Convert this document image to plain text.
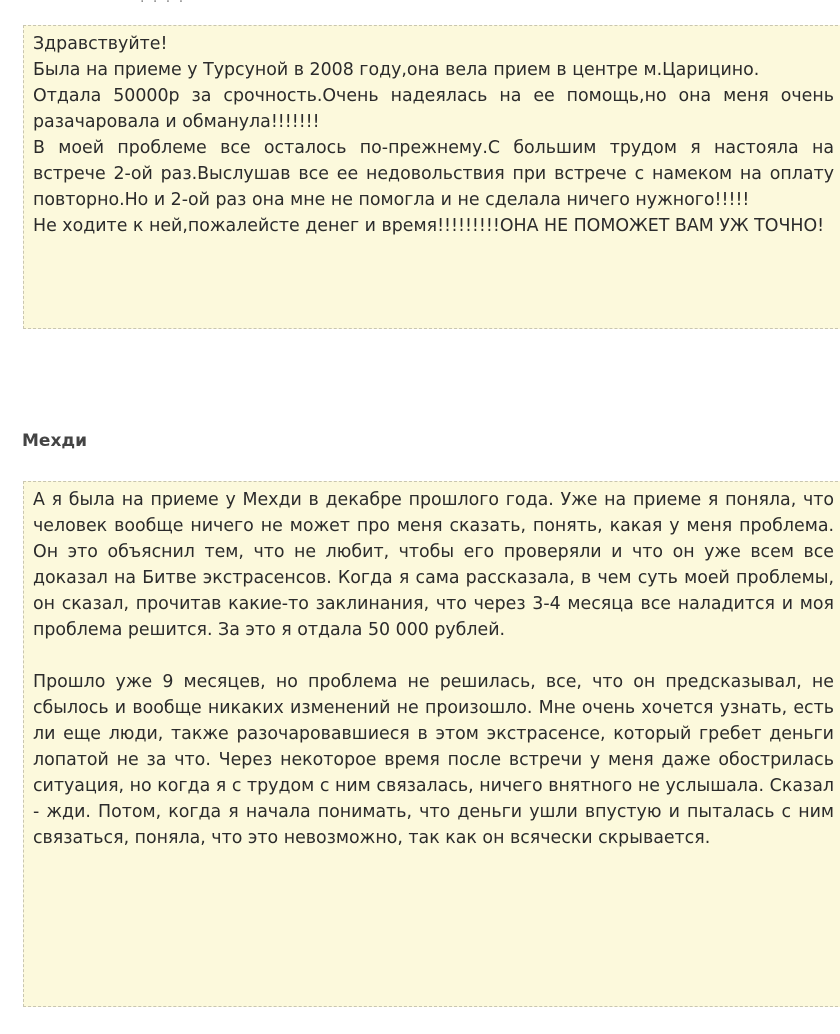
· · · ·

Здравствуйте!

Была на приеме у Турсуной в 2008 году,она вела прием в центре м.Царицино.

Отдала 50000р за срочность.Очень надеялась на ее помощь,но она меня очень разачаровала и обманула!!!!!!!

В моей проблеме все осталось по-прежнему.С большим трудом я настояла на встрече 2-ой раз.Выслушав все ее недовольствия при встрече с намеком на оплату повторно.Но и 2-ой раз она мне не помогла и не сделала ничего нужного!!!!!

Не ходите к ней,пожалейсте денег и время!!!!!!!!!ОНА НЕ ПОМОЖЕТ ВАМ УЖ ТОЧНО!

Мехди

А я была на приеме у Мехди в декабре прошлого года. Уже на приеме я поняла, что человек вообще ничего не может про меня сказать, понять, какая у меня проблема. Он это объяснил тем, что не любит, чтобы его проверяли и что он уже всем все доказал на Битве экстрасенсов. Когда я сама рассказала, в чем суть моей проблемы, он сказал, прочитав какие-то заклинания, что через 3-4 месяца все наладится и моя проблема решится. За это я отдала 50 000 рублей.

Прошло уже 9 месяцев, но проблема не решилась, все, что он предсказывал, не сбылось и вообще никаких изменений не произошло. Мне очень хочется узнать, есть ли еще люди, также разочаровавшиеся в этом экстрасенсе, который гребет деньги лопатой не за что. Через некоторое время после встречи у меня даже обострилась ситуация, но когда я с трудом с ним связалась, ничего внятного не услышала. Сказал - жди. Потом, когда я начала понимать, что деньги ушли впустую и пыталась с ним связаться, поняла, что это невозможно, так как он всячески скрывается.
